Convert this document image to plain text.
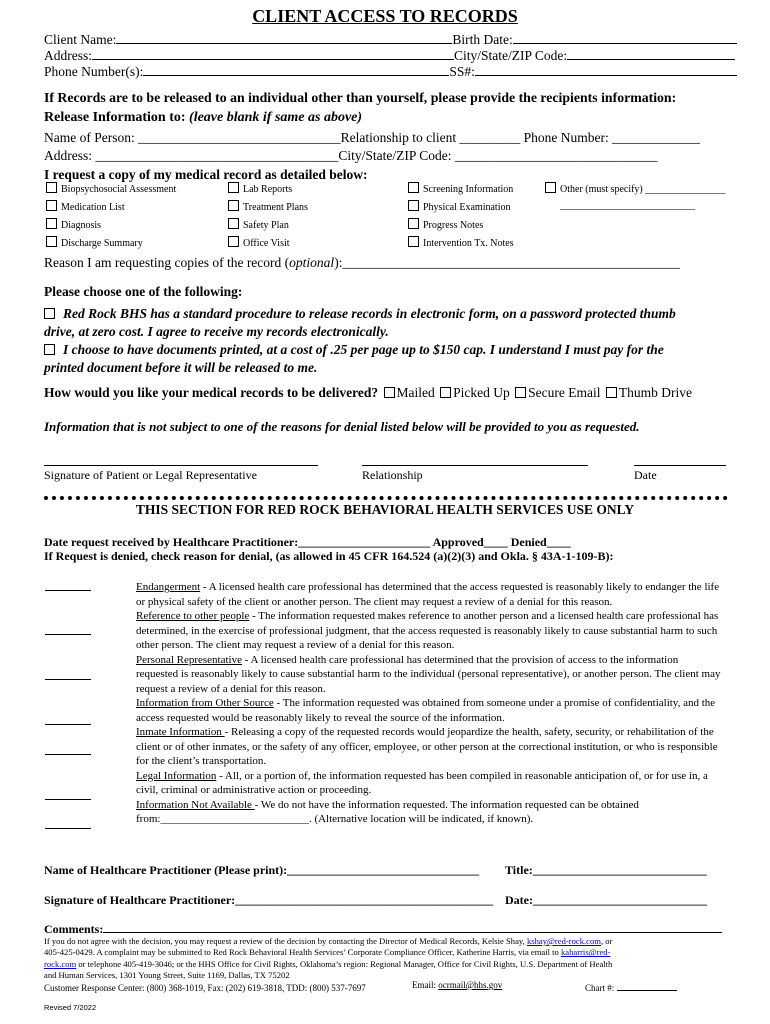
CLIENT ACCESS TO RECORDS
Client Name:	Birth Date:
Address:	City/State/ZIP Code:
Phone Number(s):	SS#:
If Records are to be released to an individual other than yourself, please provide the recipients information:
Release Information to: (leave blank if same as above)
Name of Person: ______________________________Relationship to client _________ Phone Number: _____________
Address: ____________________________________City/State/ZIP Code: ______________________________
I request a copy of my medical record as detailed below:
Biopsychosocial Assessment	Lab Reports	Screening Information	Other (must specify) ________________
Medication List	Treatment Plans	Physical Examination	___________________________
Diagnosis	Safety Plan	Progress Notes
Discharge Summary	Office Visit	Intervention Tx. Notes
Reason I am requesting copies of the record (optional):__________________________________________________
Please choose one of the following:
Red Rock BHS has a standard procedure to release records in electronic form, on a password protected thumb
drive, at zero cost. I agree to receive my records electronically.
I choose to have documents printed, at a cost of .25 per page up to $150 cap. I understand I must pay for the
printed document before it will be released to me.
How would you like your medical records to be delivered? Mailed Picked Up Secure Email Thumb Drive
Information that is not subject to one of the reasons for denial listed below will be provided to you as requested.
Signature of Patient or Legal Representative	Relationship	Date
THIS SECTION FOR RED ROCK BEHAVIORAL HEALTH SERVICES USE ONLY
Date request received by Healthcare Practitioner:______________________ Approved____ Denied____
If Request is denied, check reason for denial, (as allowed in 45 CFR 164.524 (a)(2)(3) and Okla. § 43A-1-109-B):
Endangerment - A licensed health care professional has determined that the access requested is reasonably likely to endanger the life or physical safety of the client or another person. The client may request a review of a denial for this reason.
Reference to other people - The information requested makes reference to another person and a licensed health care professional has determined, in the exercise of professional judgment, that the access requested is reasonably likely to cause substantial harm to such other person. The client may request a review of a denial for this reason.
Personal Representative - A licensed health care professional has determined that the provision of access to the information requested is reasonably likely to cause substantial harm to the individual (personal representative), or another person. The client may request a review of a denial for this reason.
Information from Other Source - The information requested was obtained from someone under a promise of confidentiality, and the access requested would be reasonably likely to reveal the source of the information.
Inmate Information - Releasing a copy of the requested records would jeopardize the health, safety, security, or rehabilitation of the client or of other inmates, or the safety of any officer, employee, or other person at the correctional institution, or who is responsible for the client’s transportation.
Legal Information - All, or a portion of, the information requested has been compiled in reasonable anticipation of, or for use in, a civil, criminal or administrative action or proceeding.
Information Not Available - We do not have the information requested. The information requested can be obtained from:___________________________. (Alternative location will be indicated, if known).
Name of Healthcare Practitioner (Please print):________________________________ Title:_____________________________
Signature of Healthcare Practitioner:___________________________________________ Date:_____________________________
Comments:
If you do not agree with the decision, you may request a review of the decision by contacting the Director of Medical Records, Kelsie Shay, kshay@red-rock.com, or
405-425-0429. A complaint may be submitted to Red Rock Behavioral Health Services’ Corporate Compliance Officer, Katherine Harris, via email to kaharris@red-
rock.com or telephone 405-419-3046; or the HHS Office for Civil Rights, Oklahoma’s region: Regional Manager, Office for Civil Rights, U.S. Department of Health
and Human Services, 1301 Young Street, Suite 1169, Dallas, TX 75202
Customer Response Center: (800) 368-1019, Fax: (202) 619-3818, TDD: (800) 537-7697	Email: ocrmail@hhs.gov	Chart #:
Revised 7/2022
